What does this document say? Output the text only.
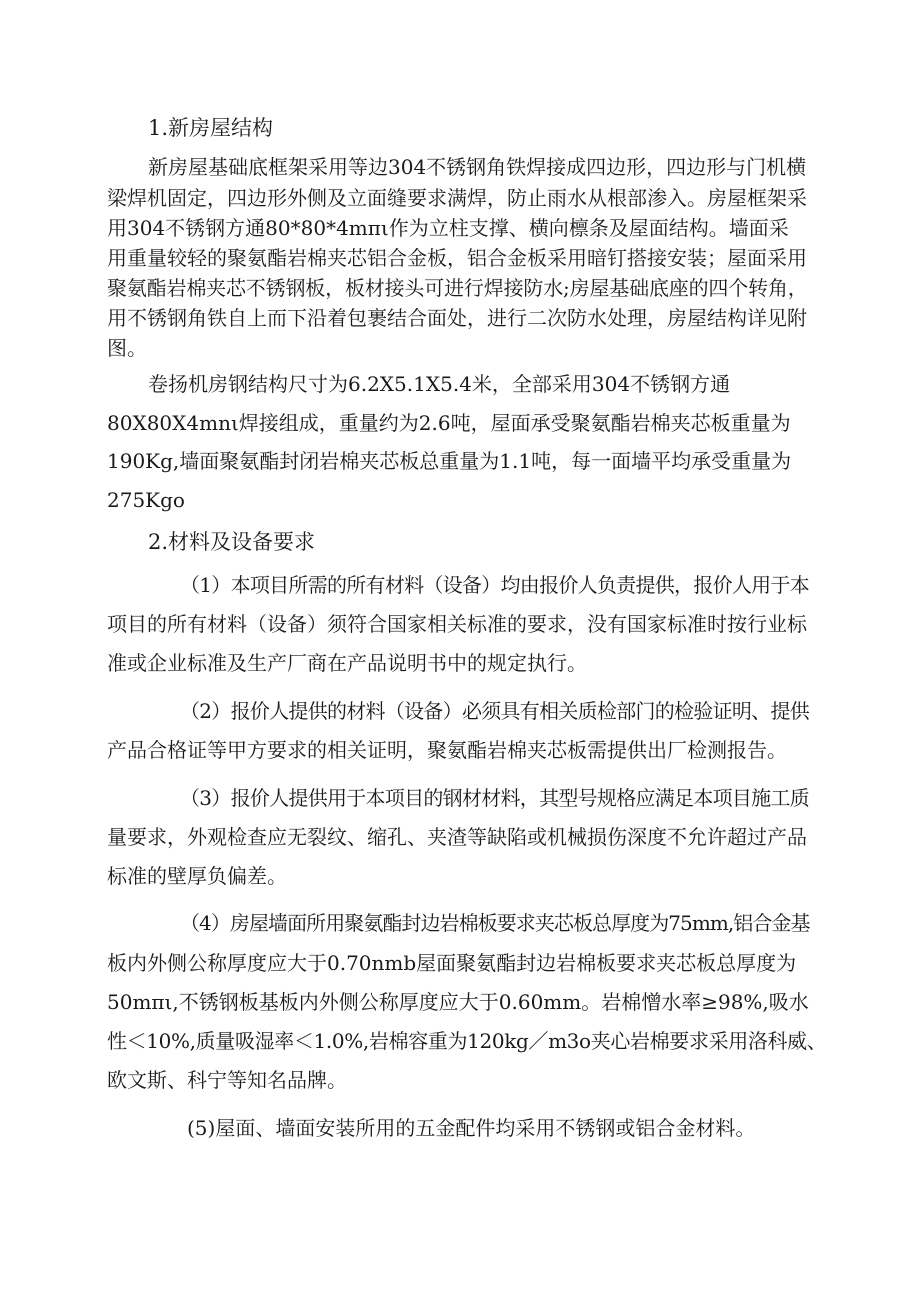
1.新房屋结构
新房屋基础底框架采用等边304不锈钢角铁焊接成四边形，四边形与门机横
梁焊机固定，四边形外侧及立面缝要求满焊，防止雨水从根部渗入。房屋框架采
用304不锈钢方通80*80*4mπι作为立柱支撑、横向檩条及屋面结构。墙面采
用重量较轻的聚氨酯岩棉夹芯铝合金板，铝合金板采用暗钉搭接安装；屋面采用
聚氨酯岩棉夹芯不锈钢板，板材接头可进行焊接防水;房屋基础底座的四个转角，
用不锈钢角铁自上而下沿着包裹结合面处，进行二次防水处理，房屋结构详见附
图。
卷扬机房钢结构尺寸为6.2X5.1X5.4米，全部采用304不锈钢方通
80X80X4mnι焊接组成，重量约为2.6吨，屋面承受聚氨酯岩棉夹芯板重量为
190Kg,墙面聚氨酯封闭岩棉夹芯板总重量为1.1吨，每一面墙平均承受重量为
275Kgo
2.材料及设备要求
（1）本项目所需的所有材料（设备）均由报价人负责提供，报价人用于本
项目的所有材料（设备）须符合国家相关标准的要求，没有国家标准时按行业标
准或企业标准及生产厂商在产品说明书中的规定执行。
（2）报价人提供的材料（设备）必须具有相关质检部门的检验证明、提供
产品合格证等甲方要求的相关证明，聚氨酯岩棉夹芯板需提供出厂检测报告。
（3）报价人提供用于本项目的钢材材料，其型号规格应满足本项目施工质
量要求，外观检查应无裂纹、缩孔、夹渣等缺陷或机械损伤深度不允许超过产品
标准的壁厚负偏差。
（4）房屋墙面所用聚氨酯封边岩棉板要求夹芯板总厚度为75mm,铝合金基
板内外侧公称厚度应大于0.70nmb屋面聚氨酯封边岩棉板要求夹芯板总厚度为
50mπι,不锈钢板基板内外侧公称厚度应大于0.60mm。岩棉憎水率≥98%,吸水
性＜10%,质量吸湿率＜1.0%,岩棉容重为120kg／m3o夹心岩棉要求采用洛科威、
欧文斯、科宁等知名品牌。
(5)屋面、墙面安装所用的五金配件均采用不锈钢或铝合金材料。
